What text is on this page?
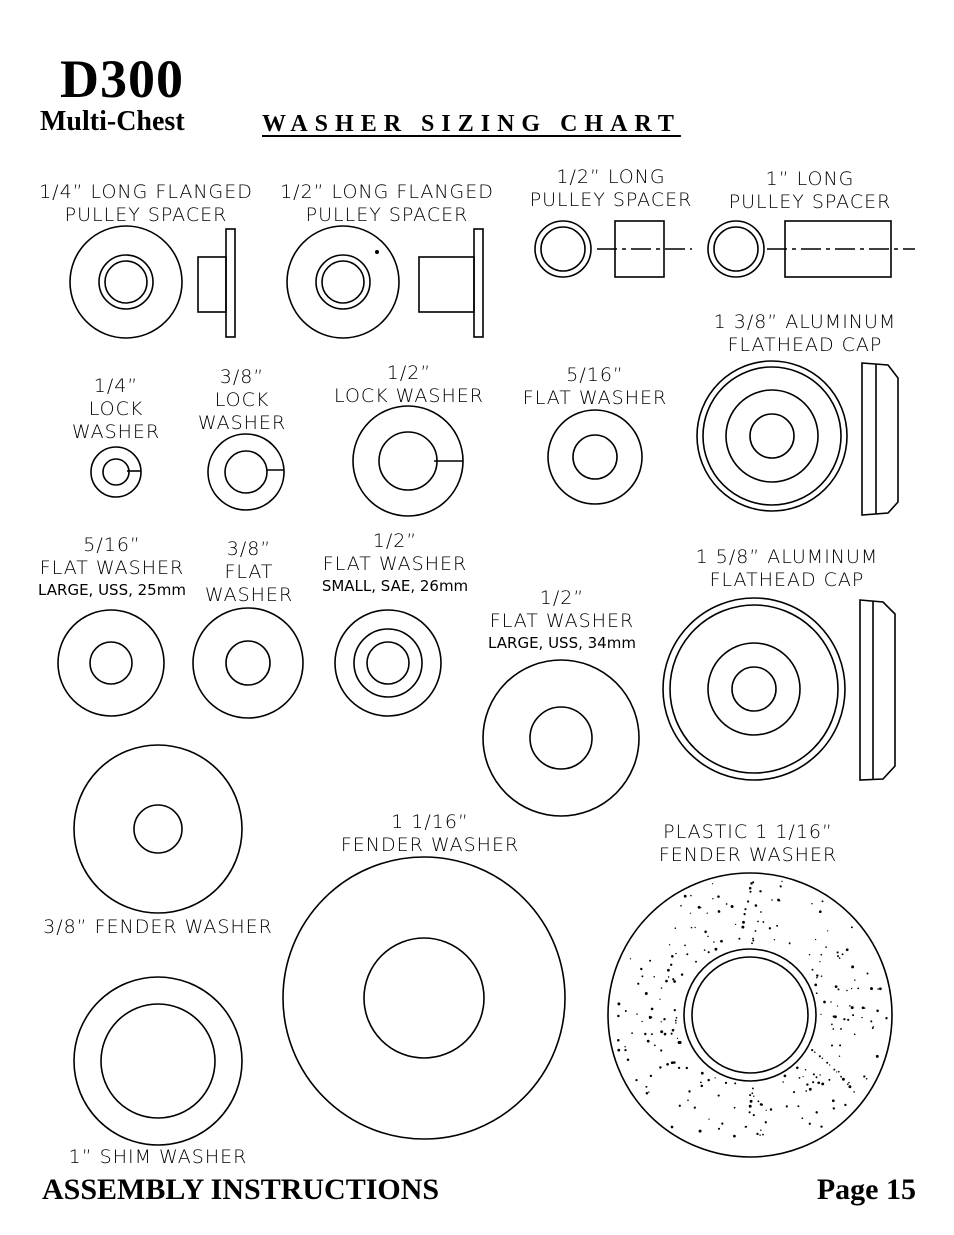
D300
Multi-Chest	WASHER SIZING CHART
1/4” LONG FLANGED
PULLEY SPACER
1/2” LONG FLANGED
PULLEY SPACER
1/2” LONG
PULLEY SPACER
1” LONG
PULLEY SPACER
1 3/8” ALUMINUM
FLATHEAD CAP
1/4”
LOCK
WASHER
3/8”
LOCK
WASHER
1/2”
LOCK WASHER
5/16”
FLAT WASHER
5/16”
FLAT WASHER
LARGE, USS, 25mm
3/8”
FLAT
WASHER
1/2”
FLAT WASHER
SMALL, SAE, 26mm
1/2”
FLAT WASHER
LARGE, USS, 34mm
1 5/8” ALUMINUM
FLATHEAD CAP
3/8” FENDER WASHER
1 1/16”
FENDER WASHER
PLASTIC 1 1/16”
FENDER WASHER
1” SHIM WASHER
ASSEMBLY INSTRUCTIONS	Page 15
